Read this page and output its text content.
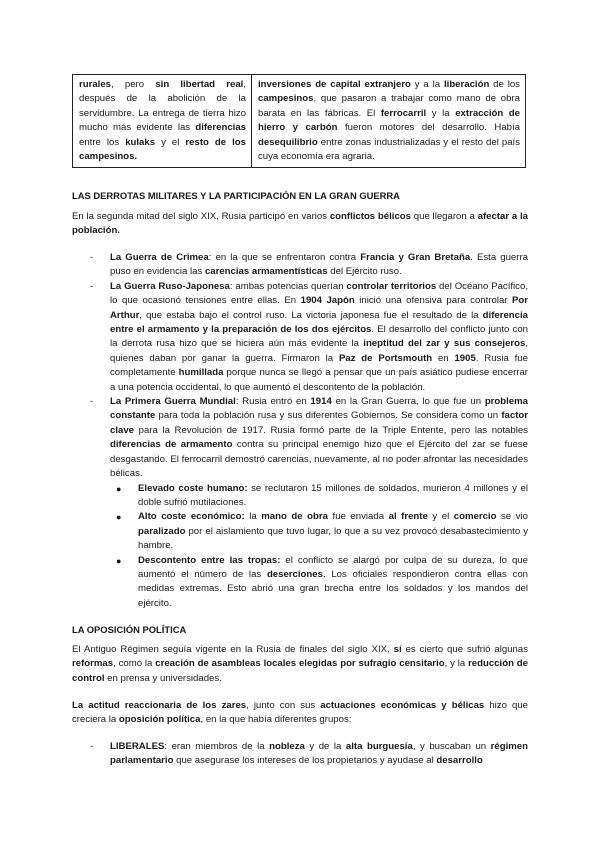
rurales, pero sin libertad real, después de la abolición de la servidumbre. La entrega de tierra hizo mucho más evidente las diferencias entre los kulaks y el resto de los campesinos.	inversiones de capital extranjero y a la liberación de los campesinos, que pasaron a trabajar como mano de obra barata en las fábricas. El ferrocarril y la extracción de hierro y carbón fueron motores del desarrollo. Había desequilibrio entre zonas industrializadas y el resto del país cuya economía era agraria.
LAS DERROTAS MILITARES Y LA PARTICIPACIÓN EN LA GRAN GUERRA

En la segunda mitad del siglo XIX, Rusia participó en varios conflictos bélicos que llegaron a afectar a la población.

- La Guerra de Crimea: en la que se enfrentaron contra Francia y Gran Bretaña. Esta guerra puso en evidencia las carencias armamentísticas del Ejército ruso.
- La Guerra Ruso-Japonesa: ambas potencias querían controlar territorios del Océano Pacífico, lo que ocasionó tensiones entre ellas. En 1904 Japón inició una ofensiva para controlar Por Arthur, que estaba bajo el control ruso. La victoria japonesa fue el resultado de la diferencia entre el armamento y la preparación de los dos ejércitos. El desarrollo del conflicto junto con la derrota rusa hizo que se hiciera aún más evidente la ineptitud del zar y sus consejeros, quienes daban por ganar la guerra. Firmaron la Paz de Portsmouth en 1905. Rusia fue completamente humillada porque nunca se llegó a pensar que un país asiático pudiese encerrar a una potencia occidental, lo que aumentó el descontento de la población.
- La Primera Guerra Mundial: Rusia entró en 1914 en la Gran Guerra, lo que fue un problema constante para toda la población rusa y sus diferentes Gobiernos. Se considera como un factor clave para la Revolución de 1917. Rusia formó parte de la Triple Entente, pero las notables diferencias de armamento contra su principal enemigo hizo que el Ejército del zar se fuese desgastando. El ferrocarril demostró carencias, nuevamente, al no poder afrontar las necesidades bélicas.
● Elevado coste humano: se reclutaron 15 millones de soldados, murieron 4 millones y el doble sufrió mutilaciones.
● Alto coste económico: la mano de obra fue enviada al frente y el comercio se vio paralizado por el aislamiento que tuvo lugar, lo que a su vez provocó desabastecimiento y hambre.
● Descontento entre las tropas: el conflicto se alargó por culpa de su dureza, lo que aumentó el número de las deserciones. Los oficiales respondieron contra ellas con medidas extremas. Esto abrió una gran brecha entre los soldados y los mandos del ejército.
LA OPOSICIÓN POLÍTICA

El Antiguo Régimen seguía vigente en la Rusia de finales del siglo XIX, sí es cierto que sufrió algunas reformas, como la creación de asambleas locales elegidas por sufragio censitario, y la reducción de control en prensa y universidades.

La actitud reaccionaria de los zares, junto con sus actuaciones económicas y bélicas hizo que creciera la oposición política, en la que había diferentes grupos:

- LIBERALES: eran miembros de la nobleza y de la alta burguesía, y buscaban un régimen parlamentario que asegurase los intereses de los propietarios y ayudase al desarrollo
